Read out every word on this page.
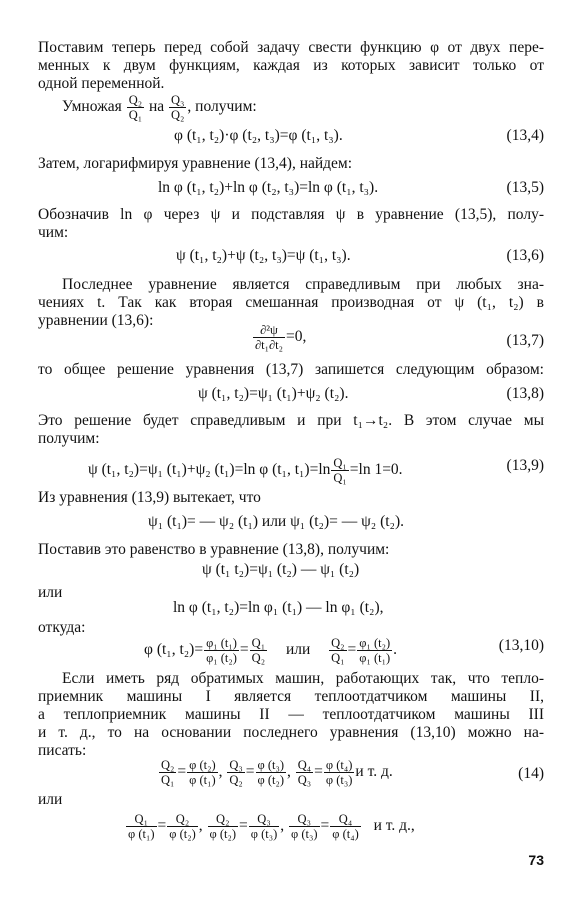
Поставим теперь перед собой задачу свести функцию φ от двух пере-
менных к двум функциям, каждая из которых зависит только от
одной переменной.
Умножая $\frac{\text{Q₂}}{\text{Q₁}}$ на $\frac{\text{Q₃}}{\text{Q₂}}$ , получим:
φ (t₁, t₂)·φ (t₂, t₃)=φ (t₁, t₃).	(13,4)
Затем, логарифмируя уравнение (13,4), найдем:
ln φ (t₁, t₂)+ln φ (t₂, t₃)=ln φ (t₁, t₃).	(13,5)
Обозначив ln φ через ψ и подставляя ψ в уравнение (13,5), полу-
чим:
ψ (t₁, t₂)+ψ (t₂, t₃)=ψ (t₁, t₃).	(13,6)
Последнее уравнение является справедливым при любых зна-
чениях t. Так как вторая смешанная производная от ψ (t₁, t₂) в
уравнении (13,6):
$\frac{\text{∂²ψ}}{\text{∂t₁∂t₂}} =0$,	(13,7)
то общее решение уравнения (13,7) запишется следующим образом:
ψ (t₁, t₂)=ψ₁ (t₁)+ψ₂ (t₂).	(13,8)
Это решение будет справедливым и при t₁→t₂. В этом случае мы
получим:
ψ (t₁, t₂)=ψ₁ (t₁)+ψ₂ (t₁)=ln φ (t₁, $t_1)=\ln \frac{\text{Q₁}}{\text{Q₁}} =\ln$ 1=0.	(13,9)
Из уравнения (13,9) вытекает, что
ψ₁ (t₁)= — ψ₂ (t₁) или ψ₁ (t₂)= — ψ₂ (t₂).
Поставив это равенство в уравнение (13,8), получим:
ψ (t₁ t₂)=ψ₁ (t₂) — ψ₁ (t₂)
или
ln φ (t₁, t₂)=ln φ₁ (t₁) — ln φ₁ (t₂),
откуда:
φ (t₁, $t_2)= \frac{\text{φ₁ (t₁)}}{\text{φ₁ (t₂)}} = \frac{\text{Q₁}}{\text{Q₂}}$ или $\frac{\text{Q₂}}{\text{Q₁}} = \frac{\text{φ₁ (t₂)}}{\text{φ₁ (t₁)}}$ .	(13,10)
Если иметь ряд обратимых машин, работающих так, что тепло-
приемник машины I является теплоотдатчиком машины II,
а теплоприемник машины II — теплоотдатчиком машины III
и т. д., то на основании последнего уравнения (13,10) можно на-
писать:
$\frac{\text{Q₂}}{\text{Q₁}} = \frac{\text{φ (t₂)}}{\text{φ (t₁)}}$ , $\frac{\text{Q₃}}{\text{Q₂}} = \frac{\text{φ (t₃)}}{\text{φ (t₂)}}$ , $\frac{\text{Q₄}}{\text{Q₃}} = \frac{\text{φ (t₄)}}{\text{φ (t₃)}}$ и т. д.	(14)
или
$\frac{\text{Q₁}}{\text{φ (t₁)}} = \frac{\text{Q₂}}{\text{φ (t₂)}}$ , $\frac{\text{Q₂}}{\text{φ (t₂)}} = \frac{\text{Q₃}}{\text{φ (t₃)}}$ , $\frac{\text{Q₃}}{\text{φ (t₃)}} = \frac{\text{Q₄}}{\text{φ (t₄)}}$ и т. д.,
73
